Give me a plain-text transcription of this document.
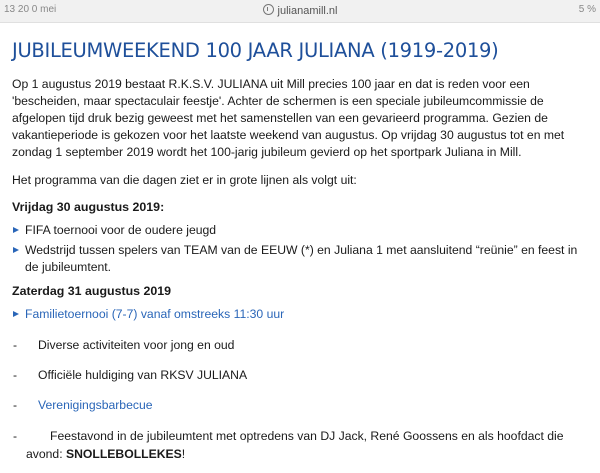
13 20 0 mei	julianamill.nl	5 %
JUBILEUMWEEKEND 100 JAAR JULIANA (1919-2019)

Op 1 augustus 2019 bestaat R.K.S.V. JULIANA uit Mill precies 100 jaar en dat is reden voor een 'bescheiden, maar spectaculair feestje'. Achter de schermen is een speciale jubileumcommissie de afgelopen tijd druk bezig geweest met het samenstellen van een gevarieerd programma. Gezien de vakantieperiode is gekozen voor het laatste weekend van augustus. Op vrijdag 30 augustus tot en met zondag 1 september 2019 wordt het 100-jarig jubileum gevierd op het sportpark Juliana in Mill.

Het programma van die dagen ziet er in grote lijnen als volgt uit:

Vrijdag 30 augustus 2019:
FIFA toernooi voor de oudere jeugd
Wedstrijd tussen spelers van TEAM van de EEUW (*) en Juliana 1 met aansluitend “reünie” en feest in de jubileumtent.
Zaterdag 31 augustus 2019
Familietoernooi (7-7) vanaf omstreeks 11:30 uur
- Diverse activiteiten voor jong en oud
- Officiële huldiging van RKSV JULIANA
- Verenigingsbarbecue
-	Feestavond in de jubileumtent met optredens van DJ Jack, René Goossens en als hoofdact die avond: SNOLLEBOLLEKES!
